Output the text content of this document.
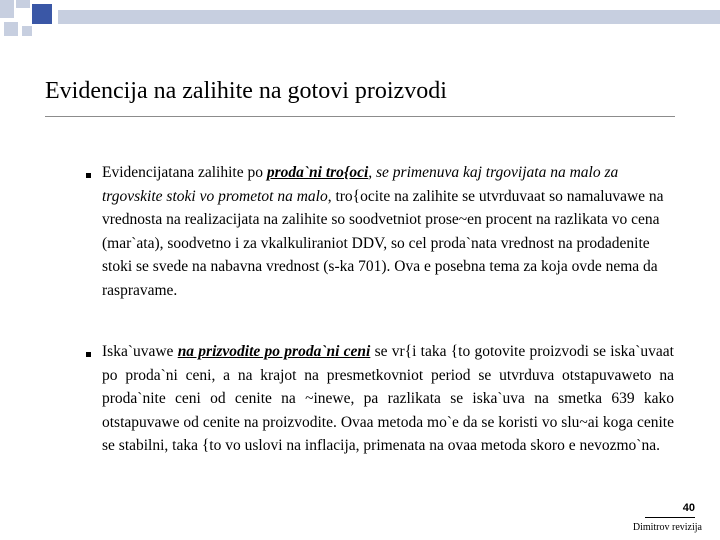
Evidencija na zalihite na gotovi proizvodi
Evidencijatana zalihite po proda`ni tro{oci, se primenuva kaj trgovijata na malo za trgovskite stoki vo prometot na malo, tro{ocite na zalihite se utvrduvaat so namaluvawe na vrednosta na realizacijata na zalihite so soodvetniot prose~en procent na razlikata vo cena (mar`ata), soodvetno i za vkalkuliraniot DDV, so cel proda`nata vrednost na prodadenite stoki se svede na nabavna vrednost (s-ka 701). Ova e posebna tema za koja ovde nema da raspravame.
Iska`uvawe na prizvodite po proda`ni ceni se vr{i taka {to gotovite proizvodi se iska`uvaat po proda`ni ceni, a na krajot na presmetkovniot period se utvrduva otstapuvaweto na proda`nite ceni od cenite na ~inewe, pa razlikata se iska`uva na smetka 639 kako otstapuvawe od cenite na proizvodite. Ovaa metoda mo`e da se koristi vo slu~ai koga cenite se stabilni, taka {to vo uslovi na inflacija, primenata na ovaa metoda skoro e nevozmo`na.
40
Dimitrov revizija
